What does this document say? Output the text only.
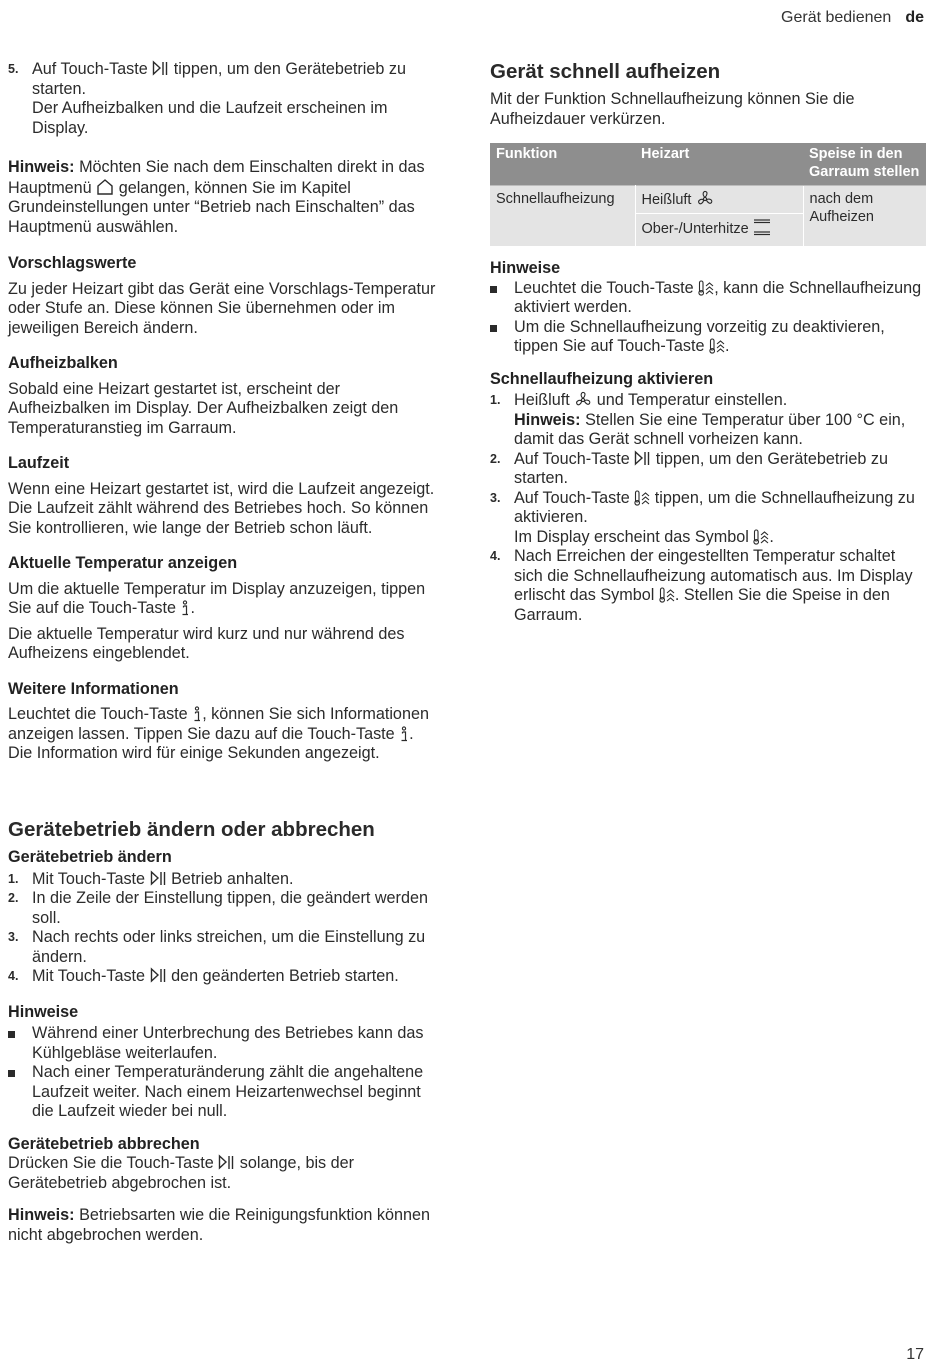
Gerät bedienen de
5. Auf Touch-Taste tippen, um den Gerätebetrieb zu starten.

Der Aufheizbalken und die Laufzeit erscheinen im Display.

Hinweis: Möchten Sie nach dem Einschalten direkt in das Hauptmenü gelangen, können Sie im Kapitel Grundeinstellungen unter “Betrieb nach Einschalten” das Hauptmenü auswählen.

Vorschlagswerte

Zu jeder Heizart gibt das Gerät eine Vorschlags-Temperatur oder Stufe an. Diese können Sie übernehmen oder im jeweiligen Bereich ändern.

Aufheizbalken

Sobald eine Heizart gestartet ist, erscheint der Aufheizbalken im Display. Der Aufheizbalken zeigt den Temperaturanstieg im Garraum.

Laufzeit

Wenn eine Heizart gestartet ist, wird die Laufzeit angezeigt. Die Laufzeit zählt während des Betriebes hoch. So können Sie kontrollieren, wie lange der Betrieb schon läuft.

Aktuelle Temperatur anzeigen

Um die aktuelle Temperatur im Display anzuzeigen, tippen Sie auf die Touch-Taste .

Die aktuelle Temperatur wird kurz und nur während des Aufheizens eingeblendet.

Weitere Informationen

Leuchtet die Touch-Taste , können Sie sich Informationen anzeigen lassen. Tippen Sie dazu auf die Touch-Taste . Die Information wird für einige Sekunden angezeigt.

Gerätebetrieb ändern oder abbrechen

Gerätebetrieb ändern

1. Mit Touch-Taste Betrieb anhalten.

2. In die Zeile der Einstellung tippen, die geändert werden soll.

3. Nach rechts oder links streichen, um die Einstellung zu ändern.

4. Mit Touch-Taste den geänderten Betrieb starten.

Hinweise

Während einer Unterbrechung des Betriebes kann das Kühlgebläse weiterlaufen.

Nach einer Temperaturänderung zählt die angehaltene Laufzeit weiter. Nach einem Heizartenwechsel beginnt die Laufzeit wieder bei null.

Gerätebetrieb abbrechen

Drücken Sie die Touch-Taste solange, bis der Gerätebetrieb abgebrochen ist.

Hinweis: Betriebsarten wie die Reinigungsfunktion können nicht abgebrochen werden.

Gerät schnell aufheizen

Mit der Funktion Schnellaufheizung können Sie die Aufheizdauer verkürzen.

Funktion	Heizart	Speise in den Garraum stellen
Schnellaufheizung	Heißluft	nach dem Aufheizen
	Ober-/Unterhitze	

Hinweise

Leuchtet die Touch-Taste , kann die Schnellaufheizung aktiviert werden.

Um die Schnellaufheizung vorzeitig zu deaktivieren, tippen Sie auf Touch-Taste .

Schnellaufheizung aktivieren

1. Heißluft und Temperatur einstellen.

Hinweis: Stellen Sie eine Temperatur über 100 °C ein, damit das Gerät schnell vorheizen kann.

2. Auf Touch-Taste tippen, um den Gerätebetrieb zu starten.

3. Auf Touch-Taste tippen, um die Schnellaufheizung zu aktivieren.

Im Display erscheint das Symbol .

4. Nach Erreichen der eingestellten Temperatur schaltet sich die Schnellaufheizung automatisch aus. Im Display erlischt das Symbol . Stellen Sie die Speise in den Garraum.

17
